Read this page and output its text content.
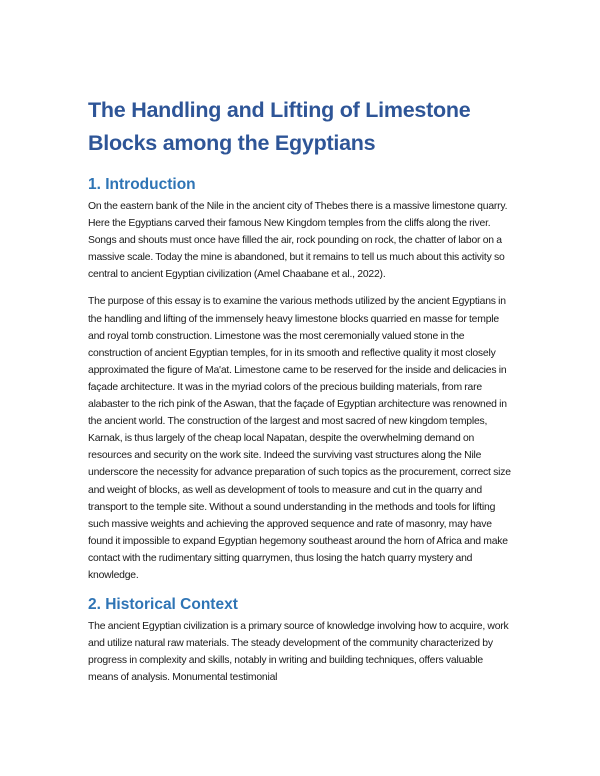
The Handling and Lifting of Limestone Blocks among the Egyptians
1. Introduction

On the eastern bank of the Nile in the ancient city of Thebes there is a massive limestone quarry. Here the Egyptians carved their famous New Kingdom temples from the cliffs along the river. Songs and shouts must once have filled the air, rock pounding on rock, the chatter of labor on a massive scale. Today the mine is abandoned, but it remains to tell us much about this activity so central to ancient Egyptian civilization (Amel Chaabane et al., 2022).

The purpose of this essay is to examine the various methods utilized by the ancient Egyptians in the handling and lifting of the immensely heavy limestone blocks quarried en masse for temple and royal tomb construction. Limestone was the most ceremonially valued stone in the construction of ancient Egyptian temples, for in its smooth and reflective quality it most closely approximated the figure of Ma'at. Limestone came to be reserved for the inside and delicacies in façade architecture. It was in the myriad colors of the precious building materials, from rare alabaster to the rich pink of the Aswan, that the façade of Egyptian architecture was renowned in the ancient world. The construction of the largest and most sacred of new kingdom temples, Karnak, is thus largely of the cheap local Napatan, despite the overwhelming demand on resources and security on the work site. Indeed the surviving vast structures along the Nile underscore the necessity for advance preparation of such topics as the procurement, correct size and weight of blocks, as well as development of tools to measure and cut in the quarry and transport to the temple site. Without a sound understanding in the methods and tools for lifting such massive weights and achieving the approved sequence and rate of masonry, may have found it impossible to expand Egyptian hegemony southeast around the horn of Africa and make contact with the rudimentary sitting quarrymen, thus losing the hatch quarry mystery and knowledge.

2. Historical Context

The ancient Egyptian civilization is a primary source of knowledge involving how to acquire, work and utilize natural raw materials. The steady development of the community characterized by progress in complexity and skills, notably in writing and building techniques, offers valuable means of analysis. Monumental testimonial
